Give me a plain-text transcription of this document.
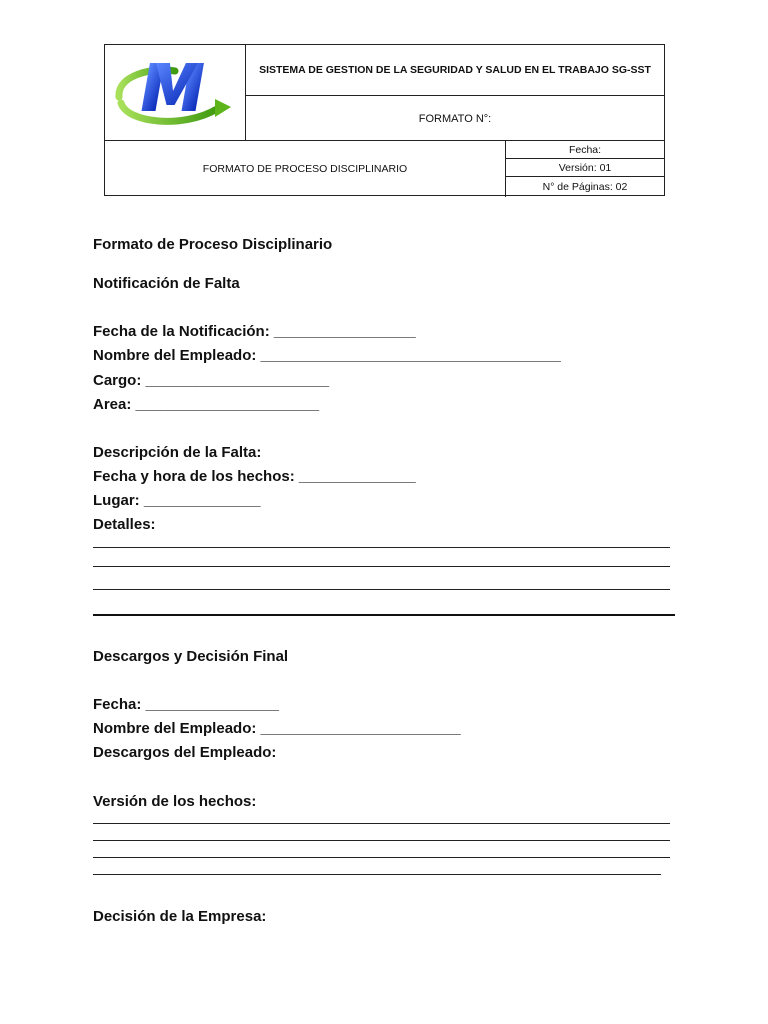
SISTEMA DE GESTION DE LA SEGURIDAD Y SALUD EN EL TRABAJO SG-SST
FORMATO N°:
FORMATO DE PROCESO DISCIPLINARIO
Fecha:
Versión: 01
N° de Páginas: 02
Formato de Proceso Disciplinario
Notificación de Falta
Fecha de la Notificación: _________________
Nombre del Empleado: ____________________________________
Cargo: ______________________
Area: ______________________
Descripción de la Falta:
Fecha y hora de los hechos: ______________
Lugar: ______________
Detalles:
Descargos y Decisión Final
Fecha: ________________
Nombre del Empleado: ________________________
Descargos del Empleado:
Versión de los hechos:
Decisión de la Empresa:
